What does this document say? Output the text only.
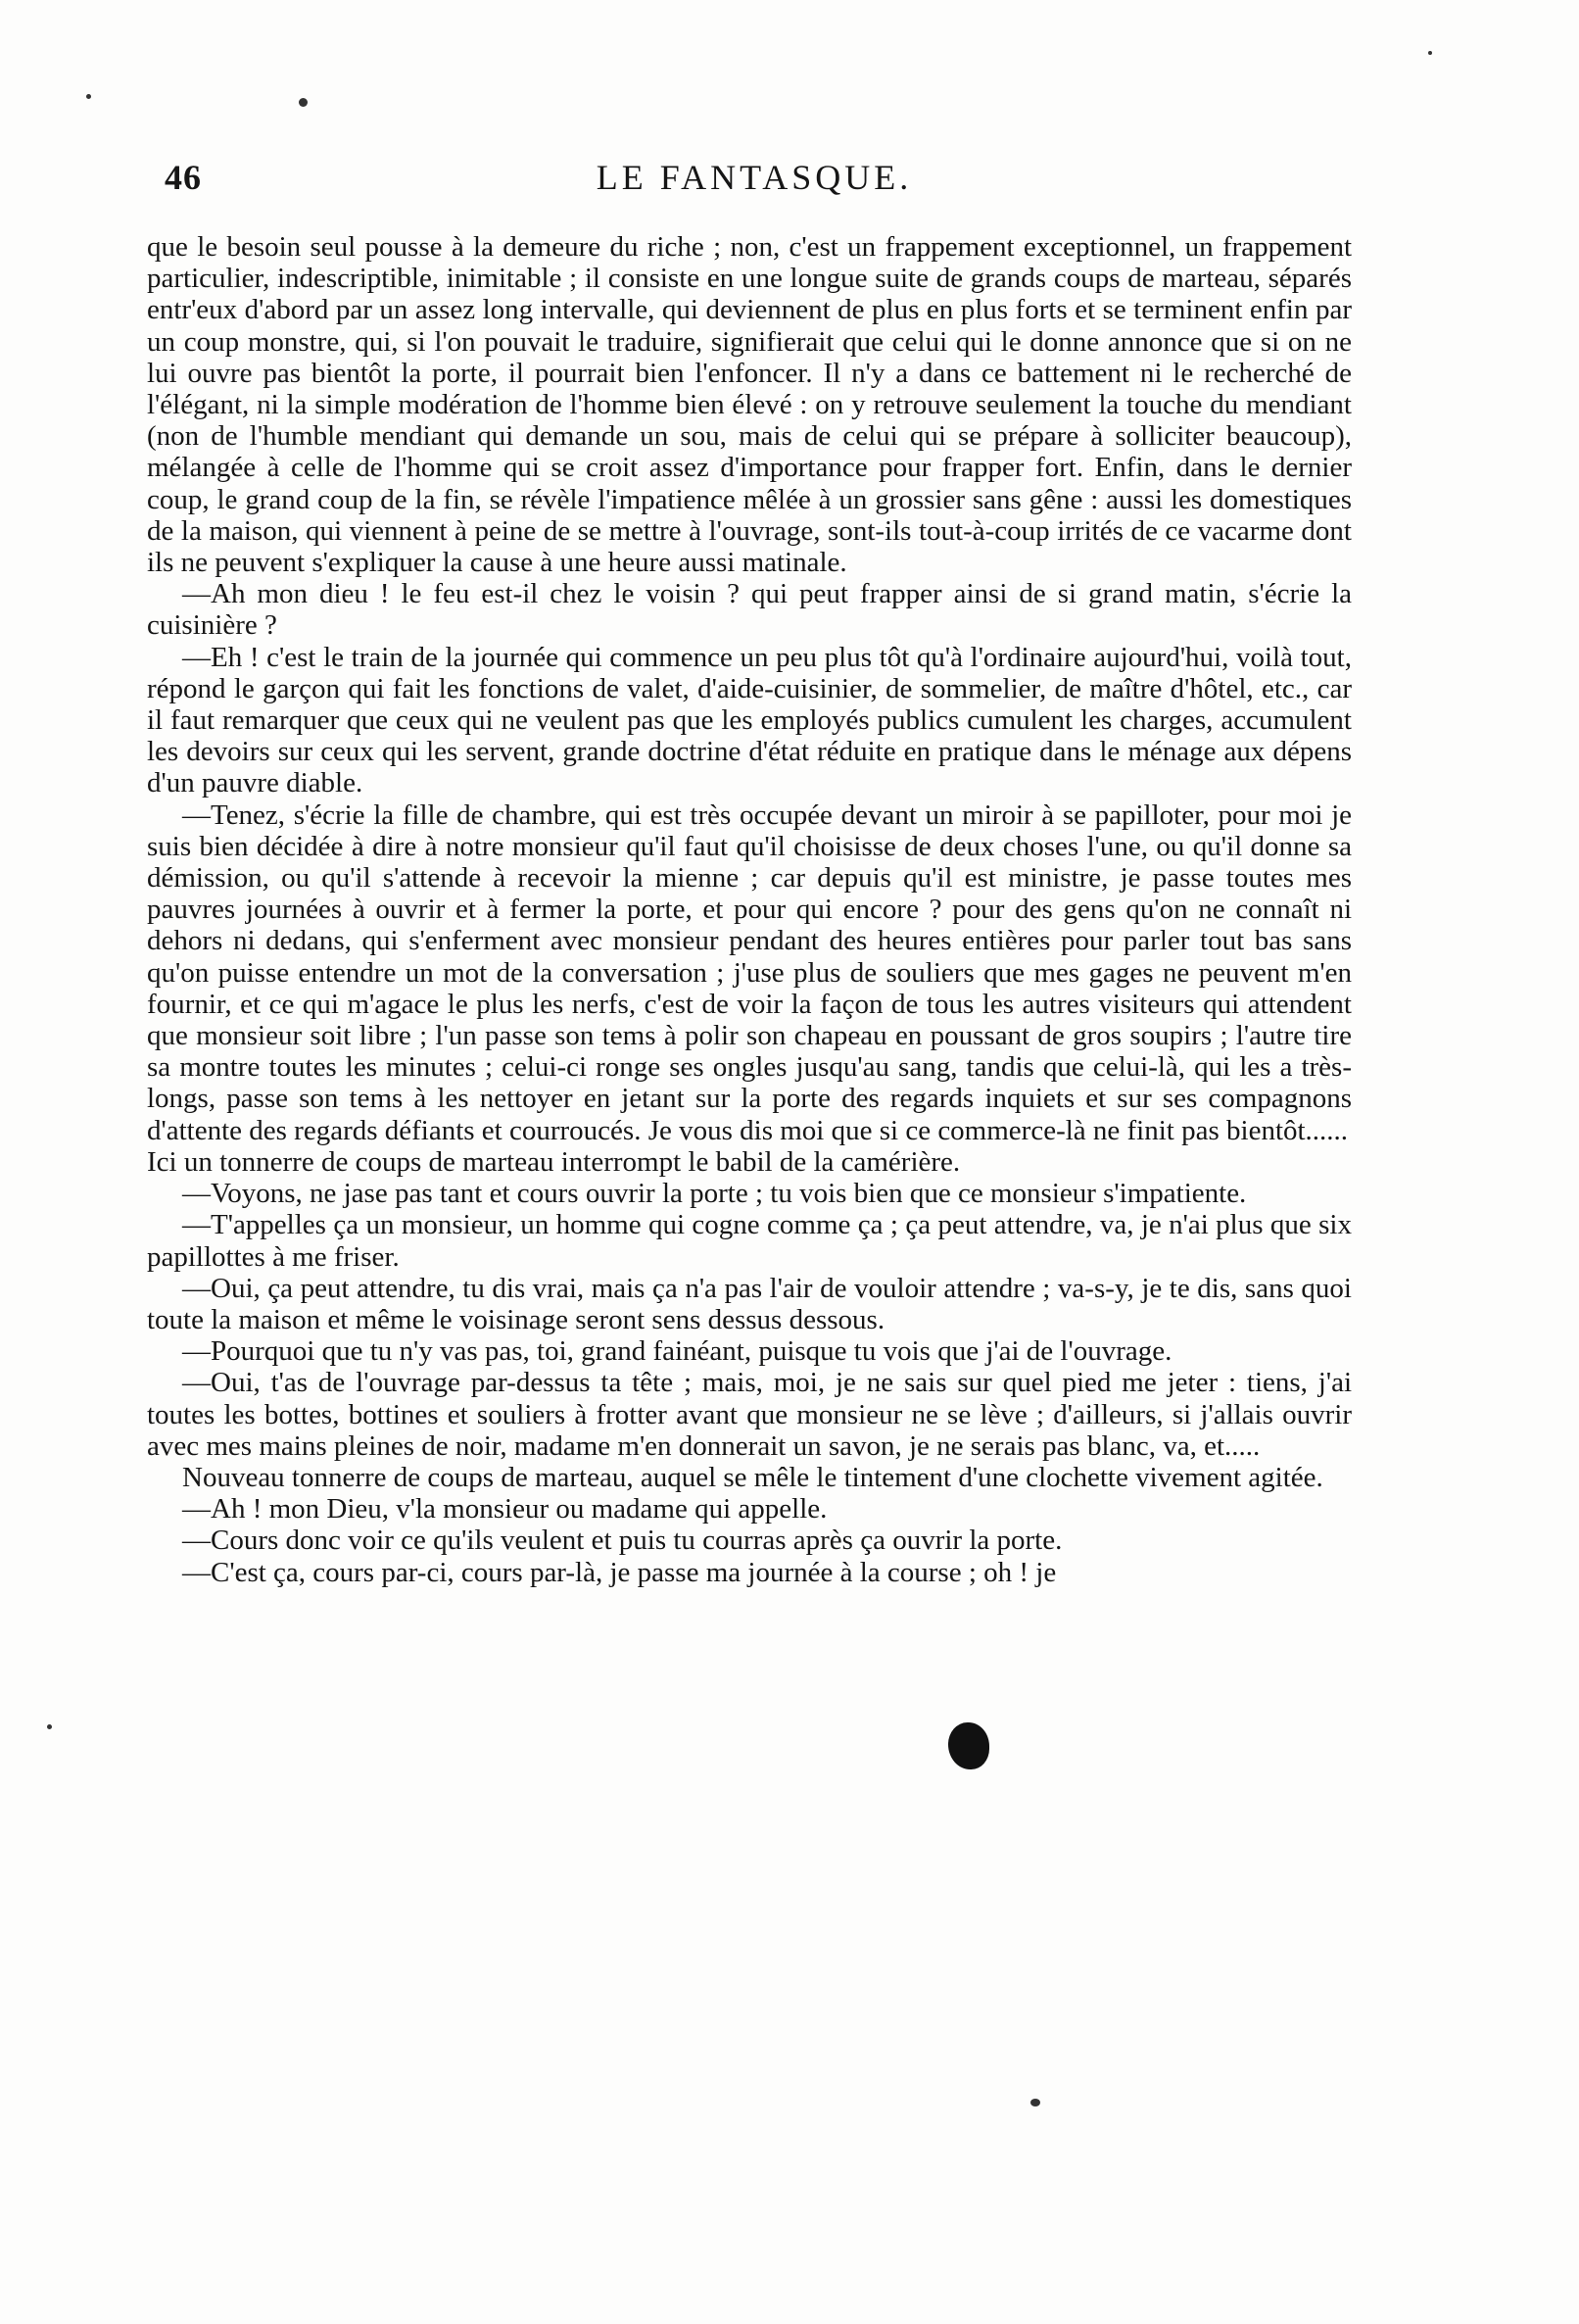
46	LE FANTASQUE.

que le besoin seul pousse à la demeure du riche ; non, c'est un frappement exceptionnel, un frappement particulier, indescriptible, inimitable ; il consiste en une longue suite de grands coups de marteau, séparés entr'eux d'abord par un assez long intervalle, qui deviennent de plus en plus forts et se terminent enfin par un coup monstre, qui, si l'on pouvait le traduire, signifierait que celui qui le donne annonce que si on ne lui ouvre pas bientôt la porte, il pourrait bien l'enfoncer. Il n'y a dans ce battement ni le recherché de l'élégant, ni la simple modération de l'homme bien élevé : on y retrouve seulement la touche du mendiant (non de l'humble mendiant qui demande un sou, mais de celui qui se prépare à solliciter beaucoup), mélangée à celle de l'homme qui se croit assez d'importance pour frapper fort. Enfin, dans le dernier coup, le grand coup de la fin, se révèle l'impatience mêlée à un grossier sans gêne : aussi les domestiques de la maison, qui viennent à peine de se mettre à l'ouvrage, sont-ils tout-à-coup irrités de ce vacarme dont ils ne peuvent s'expliquer la cause à une heure aussi matinale.

—Ah mon dieu ! le feu est-il chez le voisin ? qui peut frapper ainsi de si grand matin, s'écrie la cuisinière ?

—Eh ! c'est le train de la journée qui commence un peu plus tôt qu'à l'ordinaire aujourd'hui, voilà tout, répond le garçon qui fait les fonctions de valet, d'aide-cuisinier, de sommelier, de maître d'hôtel, etc., car il faut remarquer que ceux qui ne veulent pas que les employés publics cumulent les charges, accumulent les devoirs sur ceux qui les servent, grande doctrine d'état réduite en pratique dans le ménage aux dépens d'un pauvre diable.

—Tenez, s'écrie la fille de chambre, qui est très occupée devant un miroir à se papilloter, pour moi je suis bien décidée à dire à notre monsieur qu'il faut qu'il choisisse de deux choses l'une, ou qu'il donne sa démission, ou qu'il s'attende à recevoir la mienne ; car depuis qu'il est ministre, je passe toutes mes pauvres journées à ouvrir et à fermer la porte, et pour qui encore ? pour des gens qu'on ne connaît ni dehors ni dedans, qui s'enferment avec monsieur pendant des heures entières pour parler tout bas sans qu'on puisse entendre un mot de la conversation ; j'use plus de souliers que mes gages ne peuvent m'en fournir, et ce qui m'agace le plus les nerfs, c'est de voir la façon de tous les autres visiteurs qui attendent que monsieur soit libre ; l'un passe son tems à polir son chapeau en poussant de gros soupirs ; l'autre tire sa montre toutes les minutes ; celui-ci ronge ses ongles jusqu'au sang, tandis que celui-là, qui les a très-longs, passe son tems à les nettoyer en jetant sur la porte des regards inquiets et sur ses compagnons d'attente des regards défiants et courroucés. Je vous dis moi que si ce commerce-là ne finit pas bientôt......

Ici un tonnerre de coups de marteau interrompt le babil de la camérière.

—Voyons, ne jase pas tant et cours ouvrir la porte ; tu vois bien que ce monsieur s'impatiente.

—T'appelles ça un monsieur, un homme qui cogne comme ça ; ça peut attendre, va, je n'ai plus que six papillottes à me friser.

—Oui, ça peut attendre, tu dis vrai, mais ça n'a pas l'air de vouloir attendre ; va-s-y, je te dis, sans quoi toute la maison et même le voisinage seront sens dessus dessous.

—Pourquoi que tu n'y vas pas, toi, grand fainéant, puisque tu vois que j'ai de l'ouvrage.

—Oui, t'as de l'ouvrage par-dessus ta tête ; mais, moi, je ne sais sur quel pied me jeter : tiens, j'ai toutes les bottes, bottines et souliers à frotter avant que monsieur ne se lève ; d'ailleurs, si j'allais ouvrir avec mes mains pleines de noir, madame m'en donnerait un savon, je ne serais pas blanc, va, et.....

Nouveau tonnerre de coups de marteau, auquel se mêle le tintement d'une clochette vivement agitée.

—Ah ! mon Dieu, v'la monsieur ou madame qui appelle.

—Cours donc voir ce qu'ils veulent et puis tu courras après ça ouvrir la porte.

—C'est ça, cours par-ci, cours par-là, je passe ma journée à la course ; oh ! je
